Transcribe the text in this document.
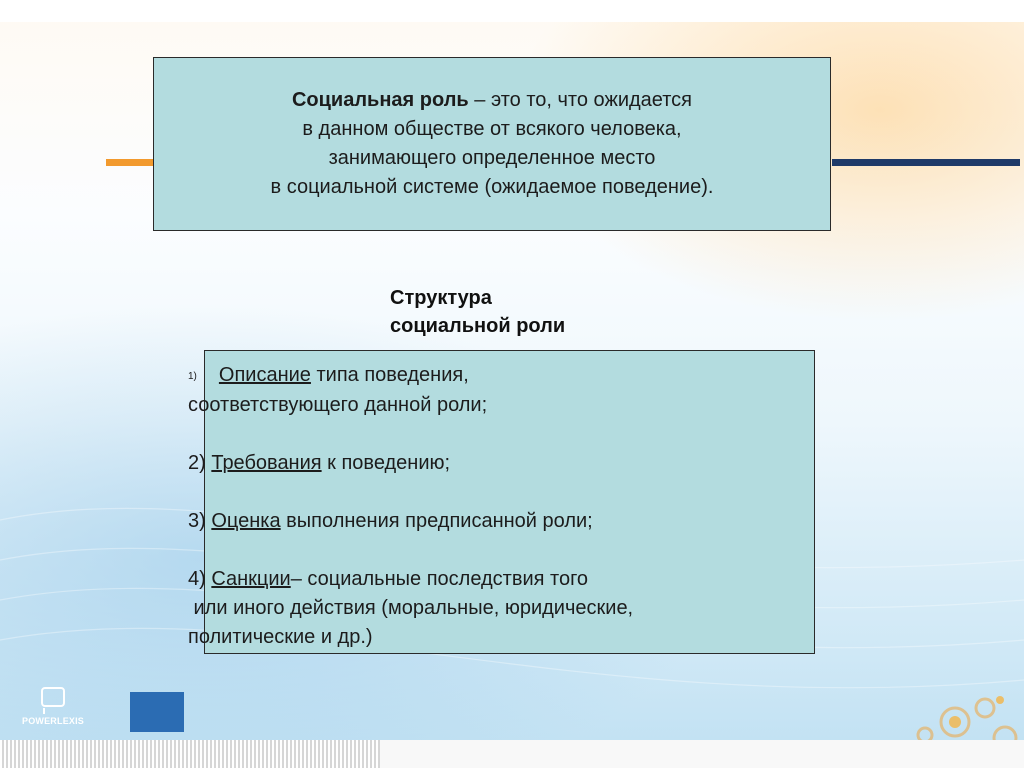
Социальная роль – это то, что ожидается
в данном обществе от всякого человека,
занимающего определенное место
в социальной системе (ожидаемое поведение).
Структура
социальной роли

1) Описание типа поведения,

соответствующего данной роли;

2) Требования к поведению;

3) Оценка выполнения предписанной роли;

4) Санкции– социальные последствия того

или иного действия (моральные, юридические,

политические и др.)

POWERLEXIS
